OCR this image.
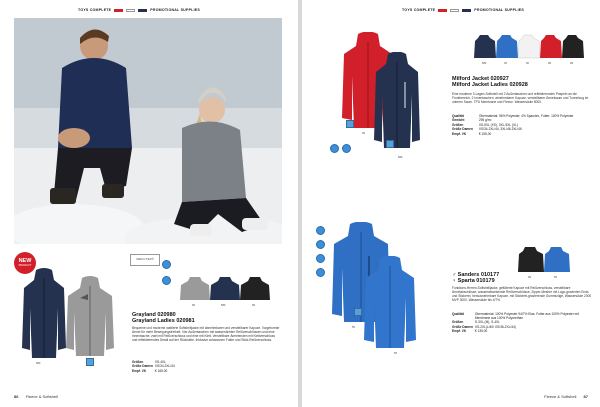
TOYS COMPLETE	PROMOTIONAL SUPPLIES
NEW
PRODUCT
580
OEKO-TEX®
95	580	99
Grayland 020980
Grayland Ladies 020981
Bequeme und moderne wattierte Softshelljacke mit abnehmbarer und verstellbarer Kapuze. Vorgeformte Ärmel für mehr Bewegungsfreiheit. Vier Außentaschen mit wasserdichten Reißverschlüssen und eine Innentasche, zwei mit Reißverschluss und eine mit Klett. Verstellbare Ärmelenden mit Klettverschluss und reflektierendes Detail auf der Rückseite. Inklusive schwarzem Futter und Stick-Reißverschluss.
Größen	XS-4XL
Größe Damen	XS/34-2XL/44
Empf. VK	€ 165,00
86 Fleece & Softshell
TOYS COMPLETE	PROMOTIONAL SUPPLIES
35
580
580	35	00	99	99
Milford Jacket 020927
Milford Jacket Ladies 020928
Eine moderne 3-Lagen-Softshell mit 2 Außentaschen und reflektierenden Paspeln an die Frontbereich, 2 Innentaschen, abnehmbarer Kapuze, verstellbarer Ärmelsaum und Tunnelzug im unteren Saum. TPU Membrane und Fleece. Wassersäule 8000.
Qualität	Obermaterial: 96% Polyester, 4% Spandex, Futter: 100% Polyester
Gewicht	295 g/m²
Größen	XS-5XL (XS), 3XL-5XL (XL)
Größe Damen	XS/34-2XL/44, 3XL/46-3XL/46
Empf. VK	€ 155,00
55
55
99	55
♂ Sanders 010177
♀ Sparta 010179
Funktions-Herren-Softshelljacke, gefütterte Kapuze mit Reißverschluss, verstellbare Ärmelabschlüsse, wasserabweisende Reißverschlüsse, Zipper-Mesher mit Logo-gravierten Ends und Stickerei, herausnehmbare Kapuze, mit Stickerei-gravierende Gummizüge, Wassersäule 2000 MVP 3000, Wassersäule bis 4/7%.
Qualität	Obermaterial: 100% Polyester 94/7% Elas. Futter aus 100% Polyester mit Membrane aus 100% Polyurethan
Größen	S-3XL (M), S-4XL
Größe Damen	XS-2XL(L/40/ XS/36-2XL/44)
Empf. VK	€ 135,00
Fleece & Softshell 87
